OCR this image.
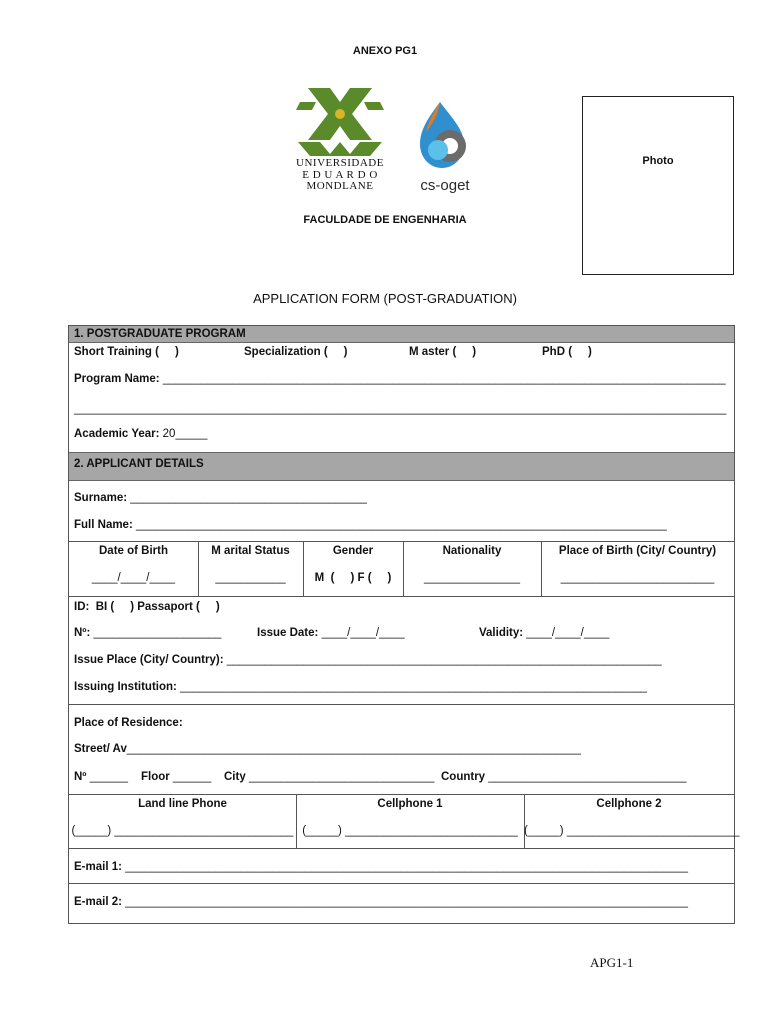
ANEXO PG1
UNIVERSIDADE
E D U A R D O
MONDLANE	cs-oget
FACULDADE DE ENGENHARIA
Photo
APPLICATION FORM (POST-GRADUATION)
1. POSTGRADUATE PROGRAM
Short Training (     )	Specialization (     )	M aster (     )	PhD (     )
Program Name: ________________________________________________________________________________________
______________________________________________________________________________________________________
Academic Year: 20_____
2. APPLICANT DETAILS
Surname: _____________________________________
Full Name: ___________________________________________________________________________________
Date of Birth	M arital Status	Gender	Nationality	Place of Birth (City/ Country)
____/____/____	___________	M  (     ) F (     )	_______________	________________________
ID:  BI (     ) Passaport (     )
Nº: ____________________	Issue Date: ____/____/____	Validity: ____/____/____
Issue Place (City/ Country): ____________________________________________________________________
Issuing Institution: _________________________________________________________________________
Place of Residence:
Street/ Av_______________________________________________________________________
Nº ______ Floor ______ City _____________________________ Country _______________________________
Land line Phone	Cellphone 1	Cellphone 2
(_____) ____________________________ (_____) ___________________________ (_____) ___________________________
E-mail 1: ________________________________________________________________________________________
E-mail 2: ________________________________________________________________________________________
APG1-1
